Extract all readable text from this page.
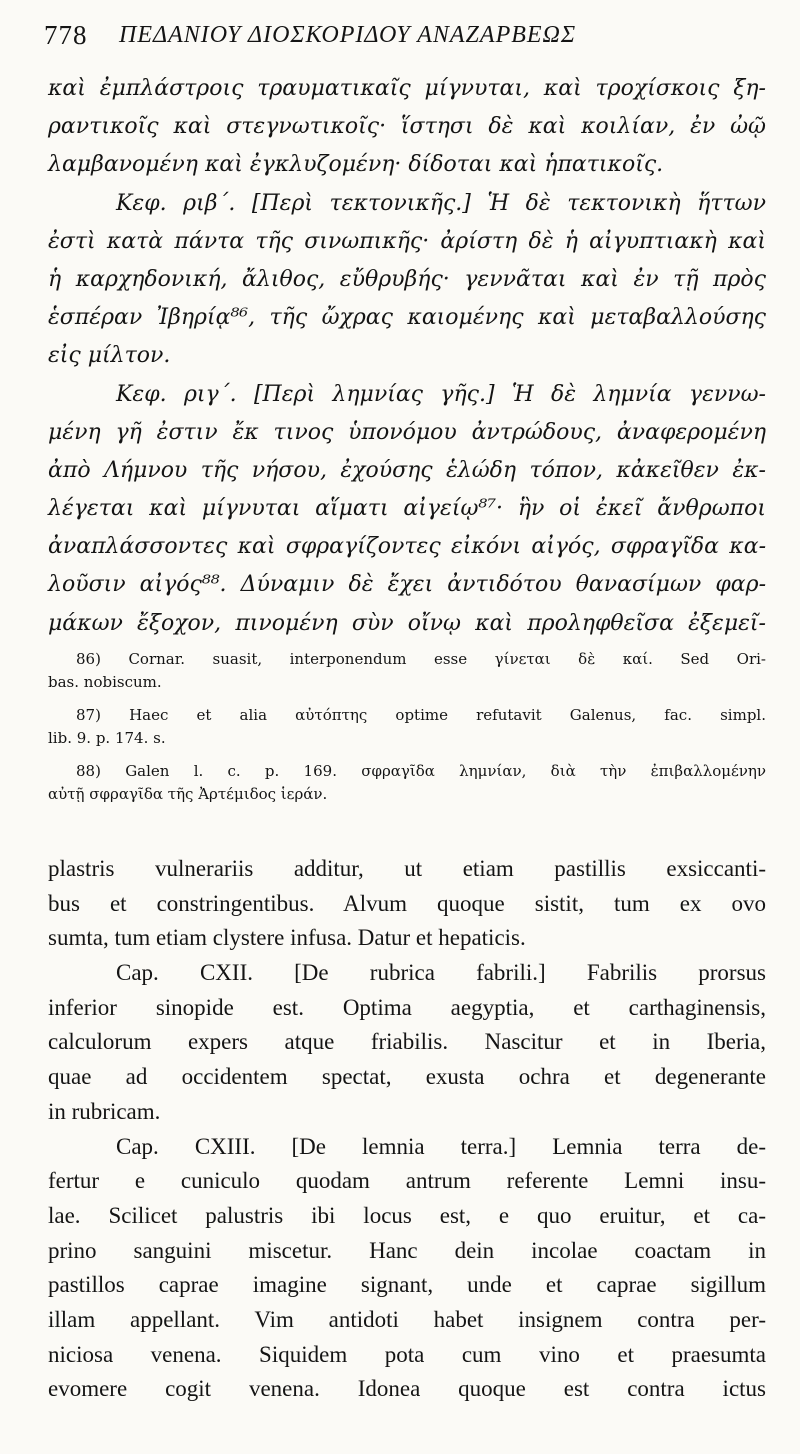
778 ΠΕΔΑΝΙΟΥ ΔΙΟΣΚΟΡΙΔΟΥ ΑΝΑΖΑΡΒΕΩΣ
καὶ ἐμπλάστροις τραυματικαῖς μίγνυται, καὶ τροχίσκοις ξη-
ραντικοῖς καὶ στεγνωτικοῖς· ἵστησι δὲ καὶ κοιλίαν, ἐν ὠῷ
λαμβανομένη καὶ ἐγκλυζομένη· δίδοται καὶ ἡπατικοῖς.
Κεφ. ριβ΄. [Περὶ τεκτονικῆς.] Ἡ δὲ τεκτονικὴ ἥττων
ἐστὶ κατὰ πάντα τῆς σινωπικῆς· ἀρίστη δὲ ἡ αἰγυπτιακὴ καὶ
ἡ καρχηδονική, ἄλιθος, εὔθρυβής· γεννᾶται καὶ ἐν τῇ πρὸς
ἑσπέραν Ἰβηρίᾳ⁸⁶, τῆς ὤχρας καιομένης καὶ μεταβαλλούσης
εἰς μίλτον.
Κεφ. ριγ΄. [Περὶ λημνίας γῆς.] Ἡ δὲ λημνία γεννω-
μένη γῆ ἐστιν ἔκ τινος ὑπονόμου ἀντρώδους, ἀναφερομένη
ἀπὸ Λήμνου τῆς νήσου, ἐχούσης ἑλώδη τόπον, κἀκεῖθεν ἐκ-
λέγεται καὶ μίγνυται αἵματι αἰγείῳ⁸⁷· ἣν οἱ ἐκεῖ ἄνθρωποι
ἀναπλάσσοντες καὶ σφραγίζοντες εἰκόνι αἰγός, σφραγῖδα κα-
λοῦσιν αἰγός⁸⁸. Δύναμιν δὲ ἔχει ἀντιδότου θανασίμων φαρ-
μάκων ἔξοχον, πινομένη σὺν οἴνῳ καὶ προληφθεῖσα ἐξεμεῖ-
86) Cornar. suasit, interponendum esse γίνεται δὲ καί. Sed Ori-
bas. nobiscum.
87) Haec et alia αὐτόπτης optime refutavit Galenus, fac. simpl.
lib. 9. p. 174. s.
88) Galen l. c. p. 169. σφραγῖδα λημνίαν, διὰ τὴν ἐπιβαλλομένην
αὐτῇ σφραγῖδα τῆς Ἀρτέμιδος ἱεράν.
plastris vulnerariis additur, ut etiam pastillis exsiccanti-
bus et constringentibus. Alvum quoque sistit, tum ex ovo
sumta, tum etiam clystere infusa. Datur et hepaticis.
Cap. CXII. [De rubrica fabrili.] Fabrilis prorsus
inferior sinopide est. Optima aegyptia, et carthaginensis,
calculorum expers atque friabilis. Nascitur et in Iberia,
quae ad occidentem spectat, exusta ochra et degenerante
in rubricam.
Cap. CXIII. [De lemnia terra.] Lemnia terra de-
fertur e cuniculo quodam antrum referente Lemni insu-
lae. Scilicet palustris ibi locus est, e quo eruitur, et ca-
prino sanguini miscetur. Hanc dein incolae coactam in
pastillos caprae imagine signant, unde et caprae sigillum
illam appellant. Vim antidoti habet insignem contra per-
niciosa venena. Siquidem pota cum vino et praesumta
evomere cogit venena. Idonea quoque est contra ictus
